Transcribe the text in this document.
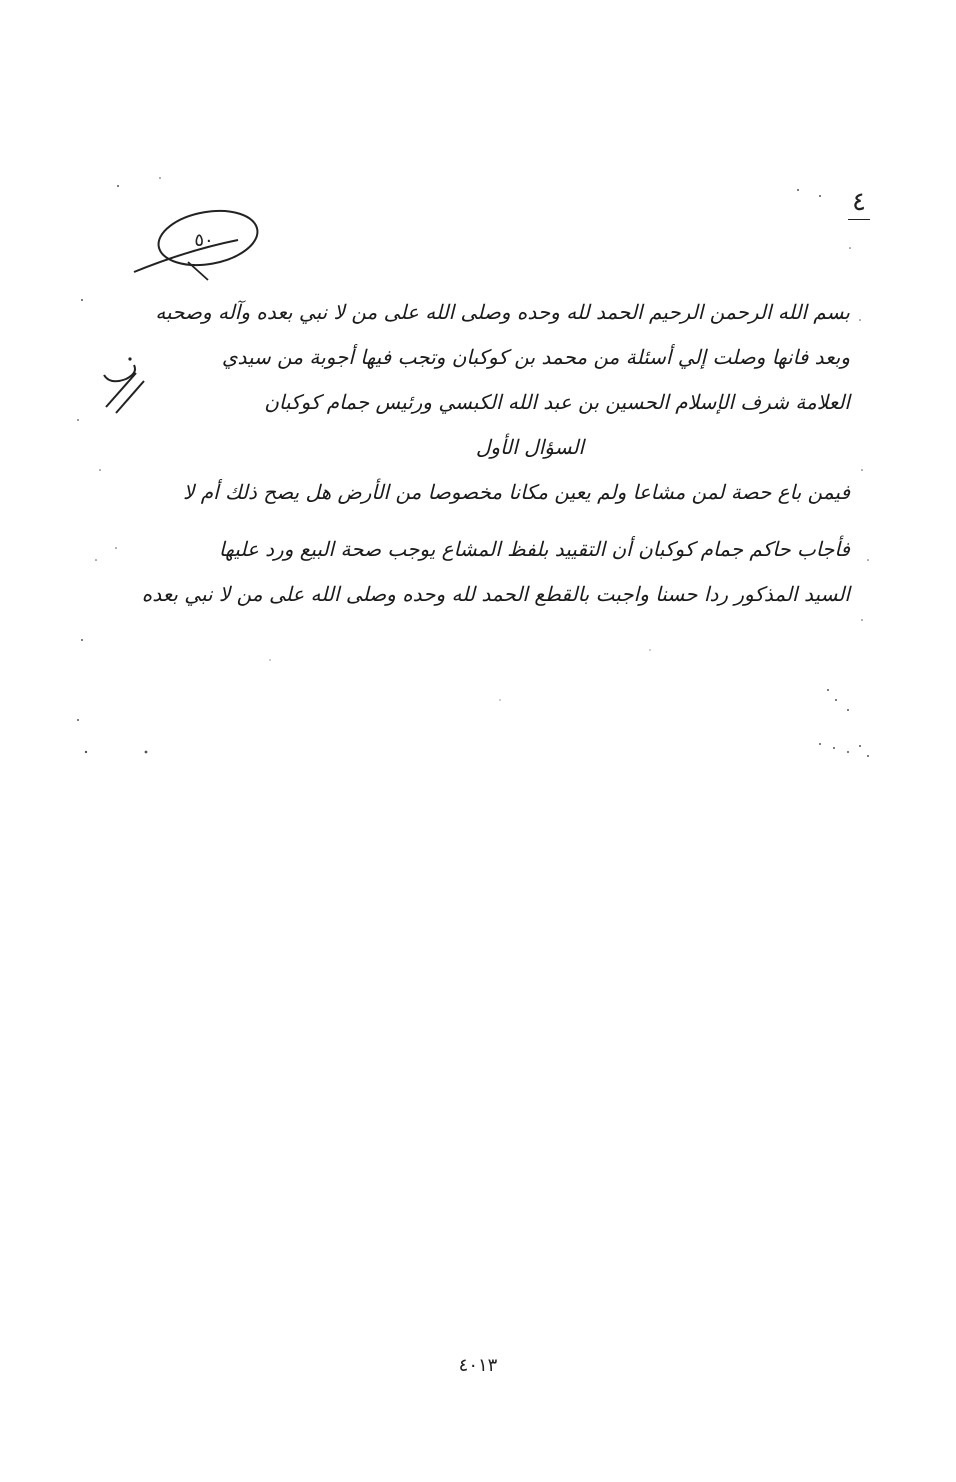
٤
٥٠
بسم الله الرحمن الرحيم الحمد لله وحده وصلى الله على من لا نبي بعده وآله وصحبه
وبعد فانها وصلت إلي أسئلة من محمد بن كوكبان وتجب فيها أجوبة من سيدي
العلامة شرف الإسلام الحسين بن عبد الله الكبسي ورئيس جمام كوكبان
السؤال الأول
فيمن باع حصة لمن مشاعا ولم يعين مكانا مخصوصا من الأرض هل يصح ذلك أم لا
فأجاب حاكم جمام كوكبان أن التقييد بلفظ المشاع يوجب صحة البيع ورد عليها
السيد المذكور ردا حسنا واجبت بالقطع الحمد لله وحده وصلى الله على من لا نبي بعده
٤٠١٣
